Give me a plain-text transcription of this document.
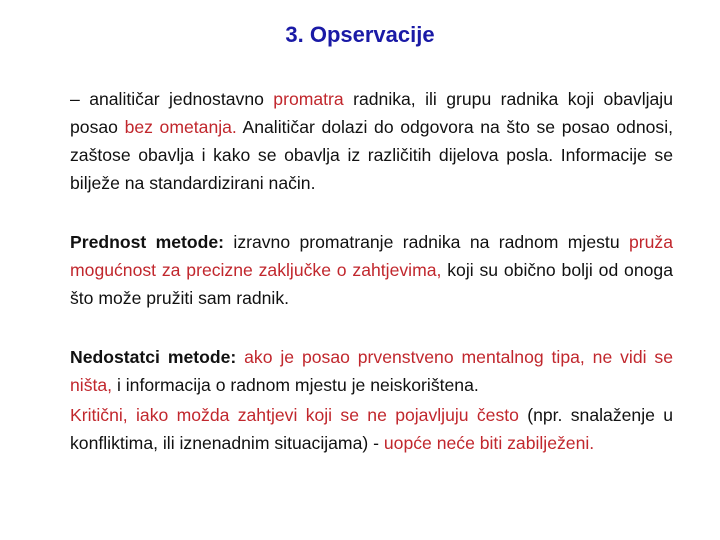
3. Opservacije
– analitičar jednostavno promatra radnika, ili grupu radnika koji obavljaju posao bez ometanja. Analitičar dolazi do odgovora na što se posao odnosi, zaštose obavlja i kako se obavlja iz različitih dijelova posla. Informacije se bilježe na standardizirani način.
Prednost metode: izravno promatranje radnika na radnom mjestu pruža mogućnost za precizne zaključke o zahtjevima, koji su obično bolji od onoga što može pružiti sam radnik.
Nedostatci metode: ako je posao prvenstveno mentalnog tipa, ne vidi se ništa, i informacija o radnom mjestu je neiskorištena.
Kritični, iako možda zahtjevi koji se ne pojavljuju često (npr. snalaženje u konfliktima, ili iznenadnim situacijama) - uopće neće biti zabilježeni.
